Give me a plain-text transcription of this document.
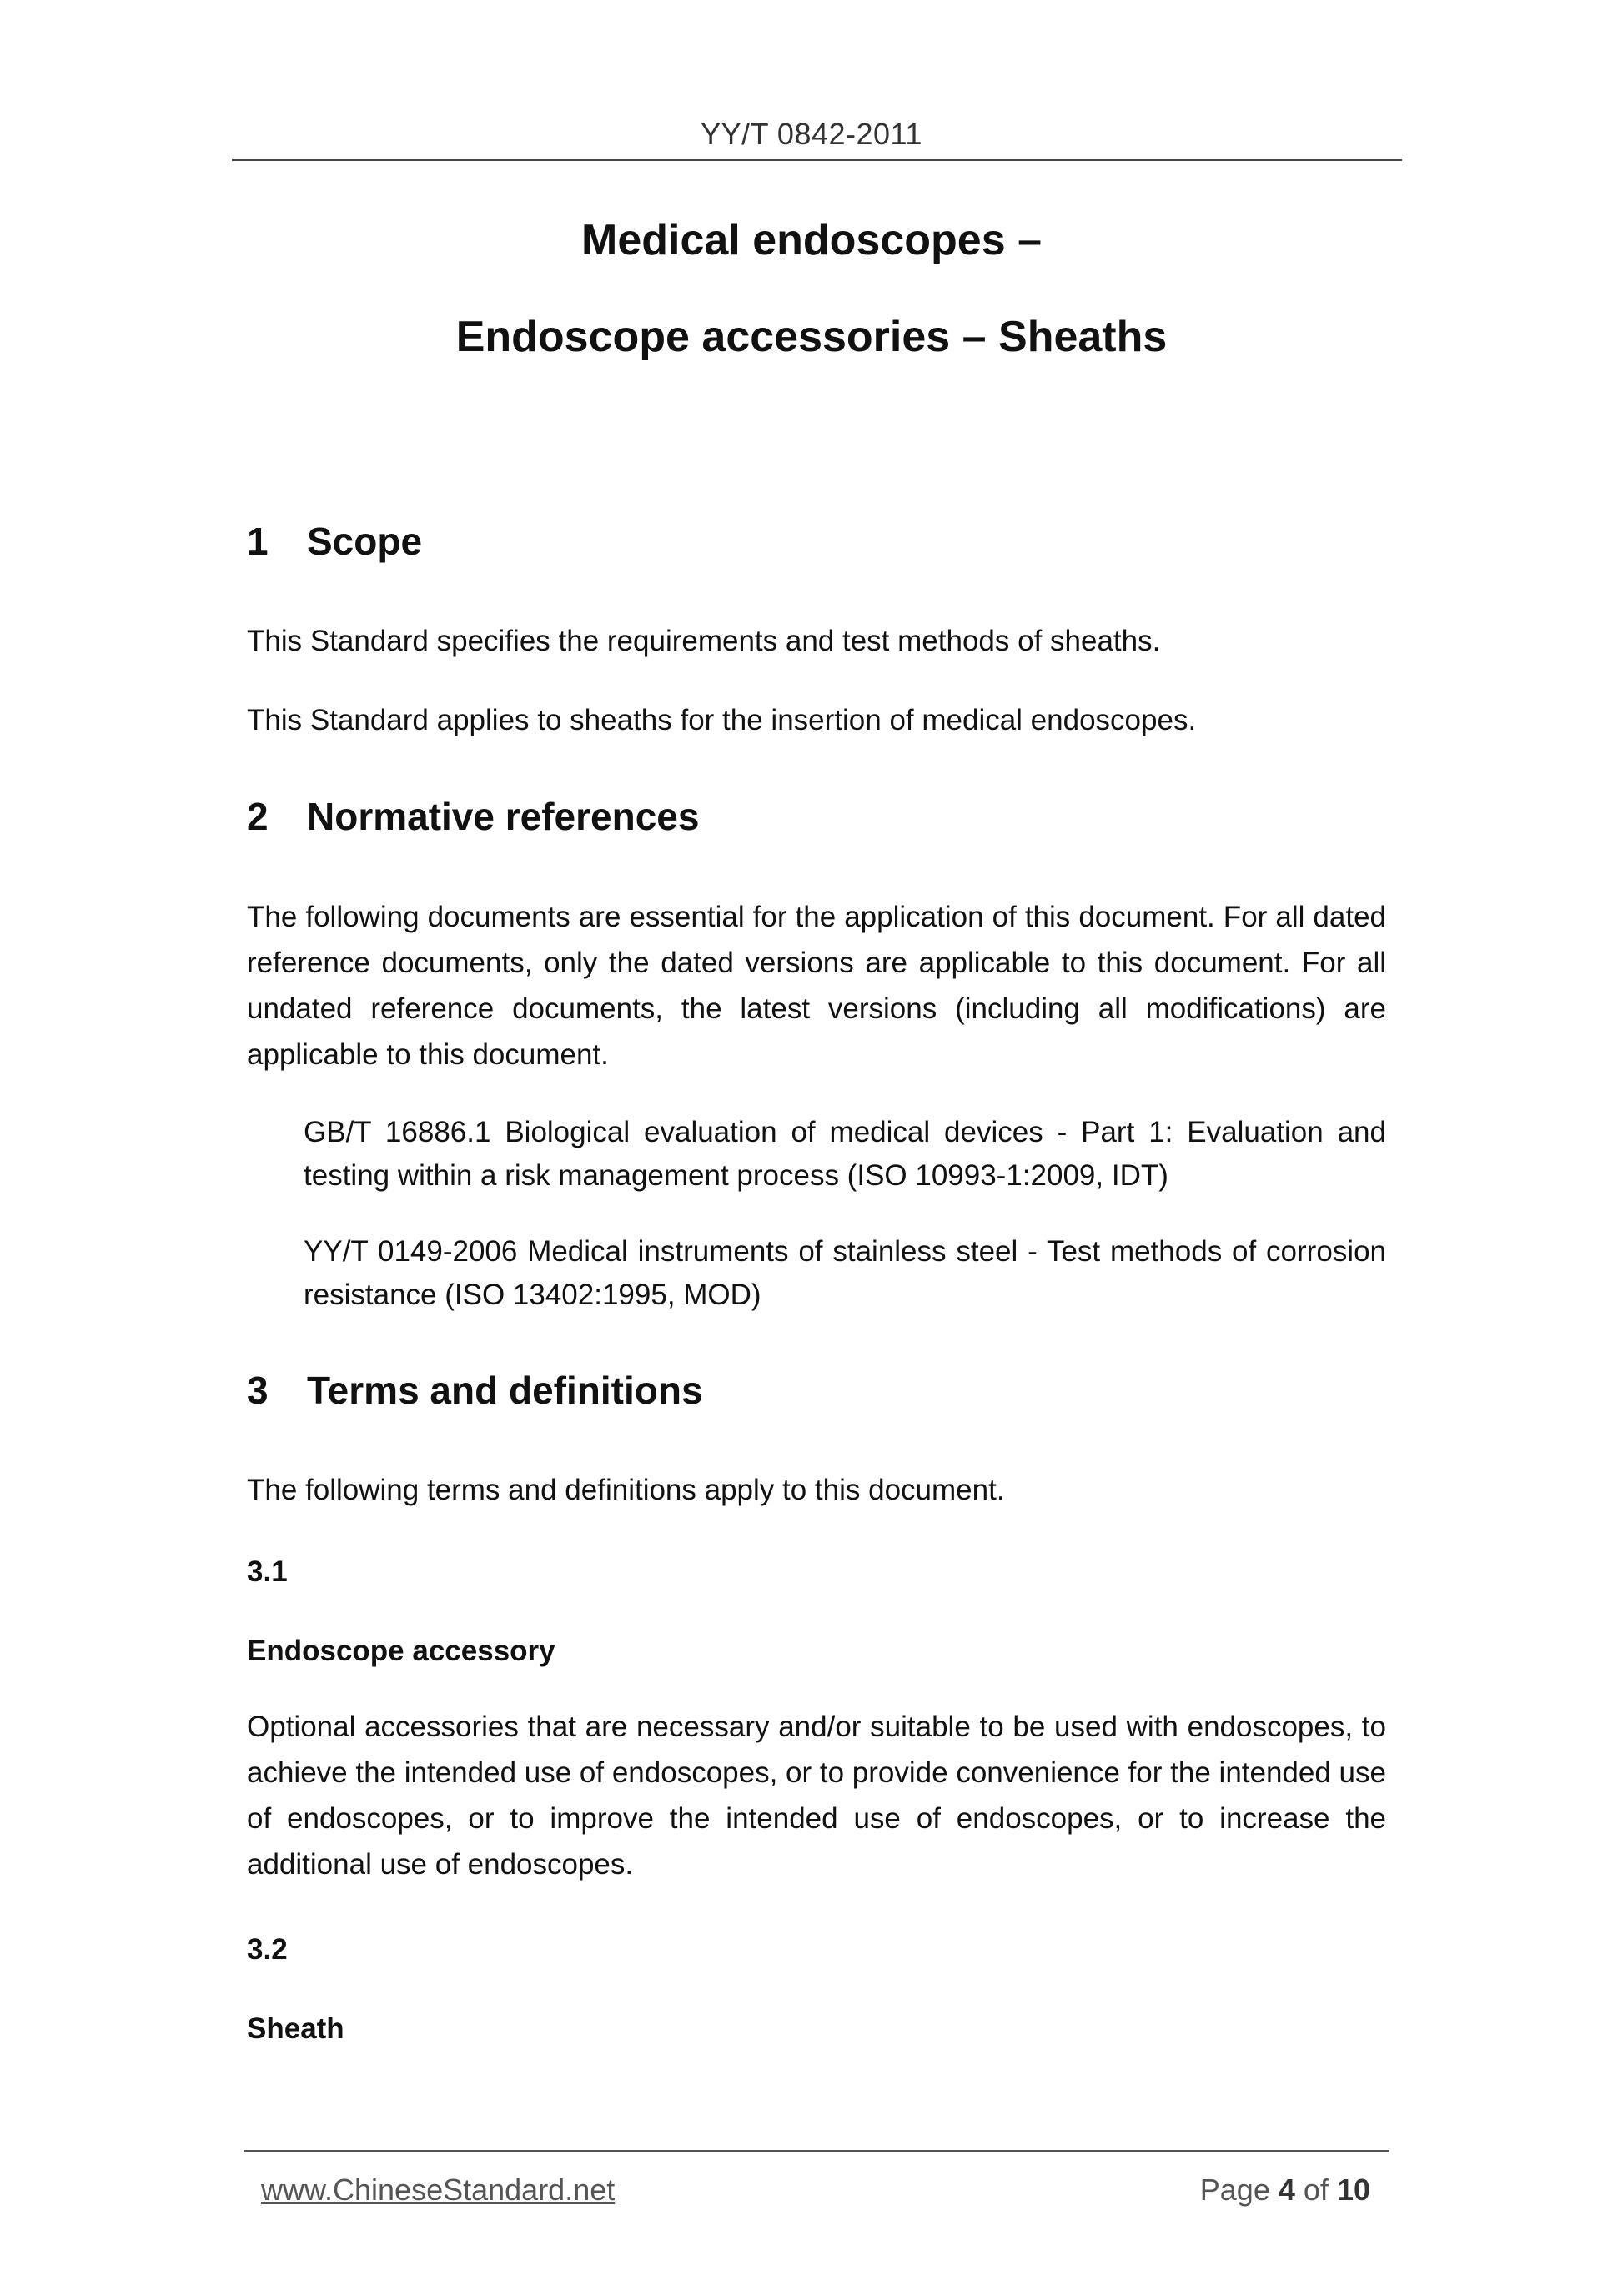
YY/T 0842-2011
Medical endoscopes –
Endoscope accessories – Sheaths
1 Scope
This Standard specifies the requirements and test methods of sheaths.
This Standard applies to sheaths for the insertion of medical endoscopes.
2 Normative references
The following documents are essential for the application of this document. For all dated reference documents, only the dated versions are applicable to this document. For all undated reference documents, the latest versions (including all modifications) are applicable to this document.
GB/T 16886.1 Biological evaluation of medical devices - Part 1: Evaluation and testing within a risk management process (ISO 10993-1:2009, IDT)
YY/T 0149-2006 Medical instruments of stainless steel - Test methods of corrosion resistance (ISO 13402:1995, MOD)
3 Terms and definitions
The following terms and definitions apply to this document.
3.1
Endoscope accessory
Optional accessories that are necessary and/or suitable to be used with endoscopes, to achieve the intended use of endoscopes, or to provide convenience for the intended use of endoscopes, or to improve the intended use of endoscopes, or to increase the additional use of endoscopes.
3.2
Sheath
www.ChineseStandard.net	Page 4 of 10
